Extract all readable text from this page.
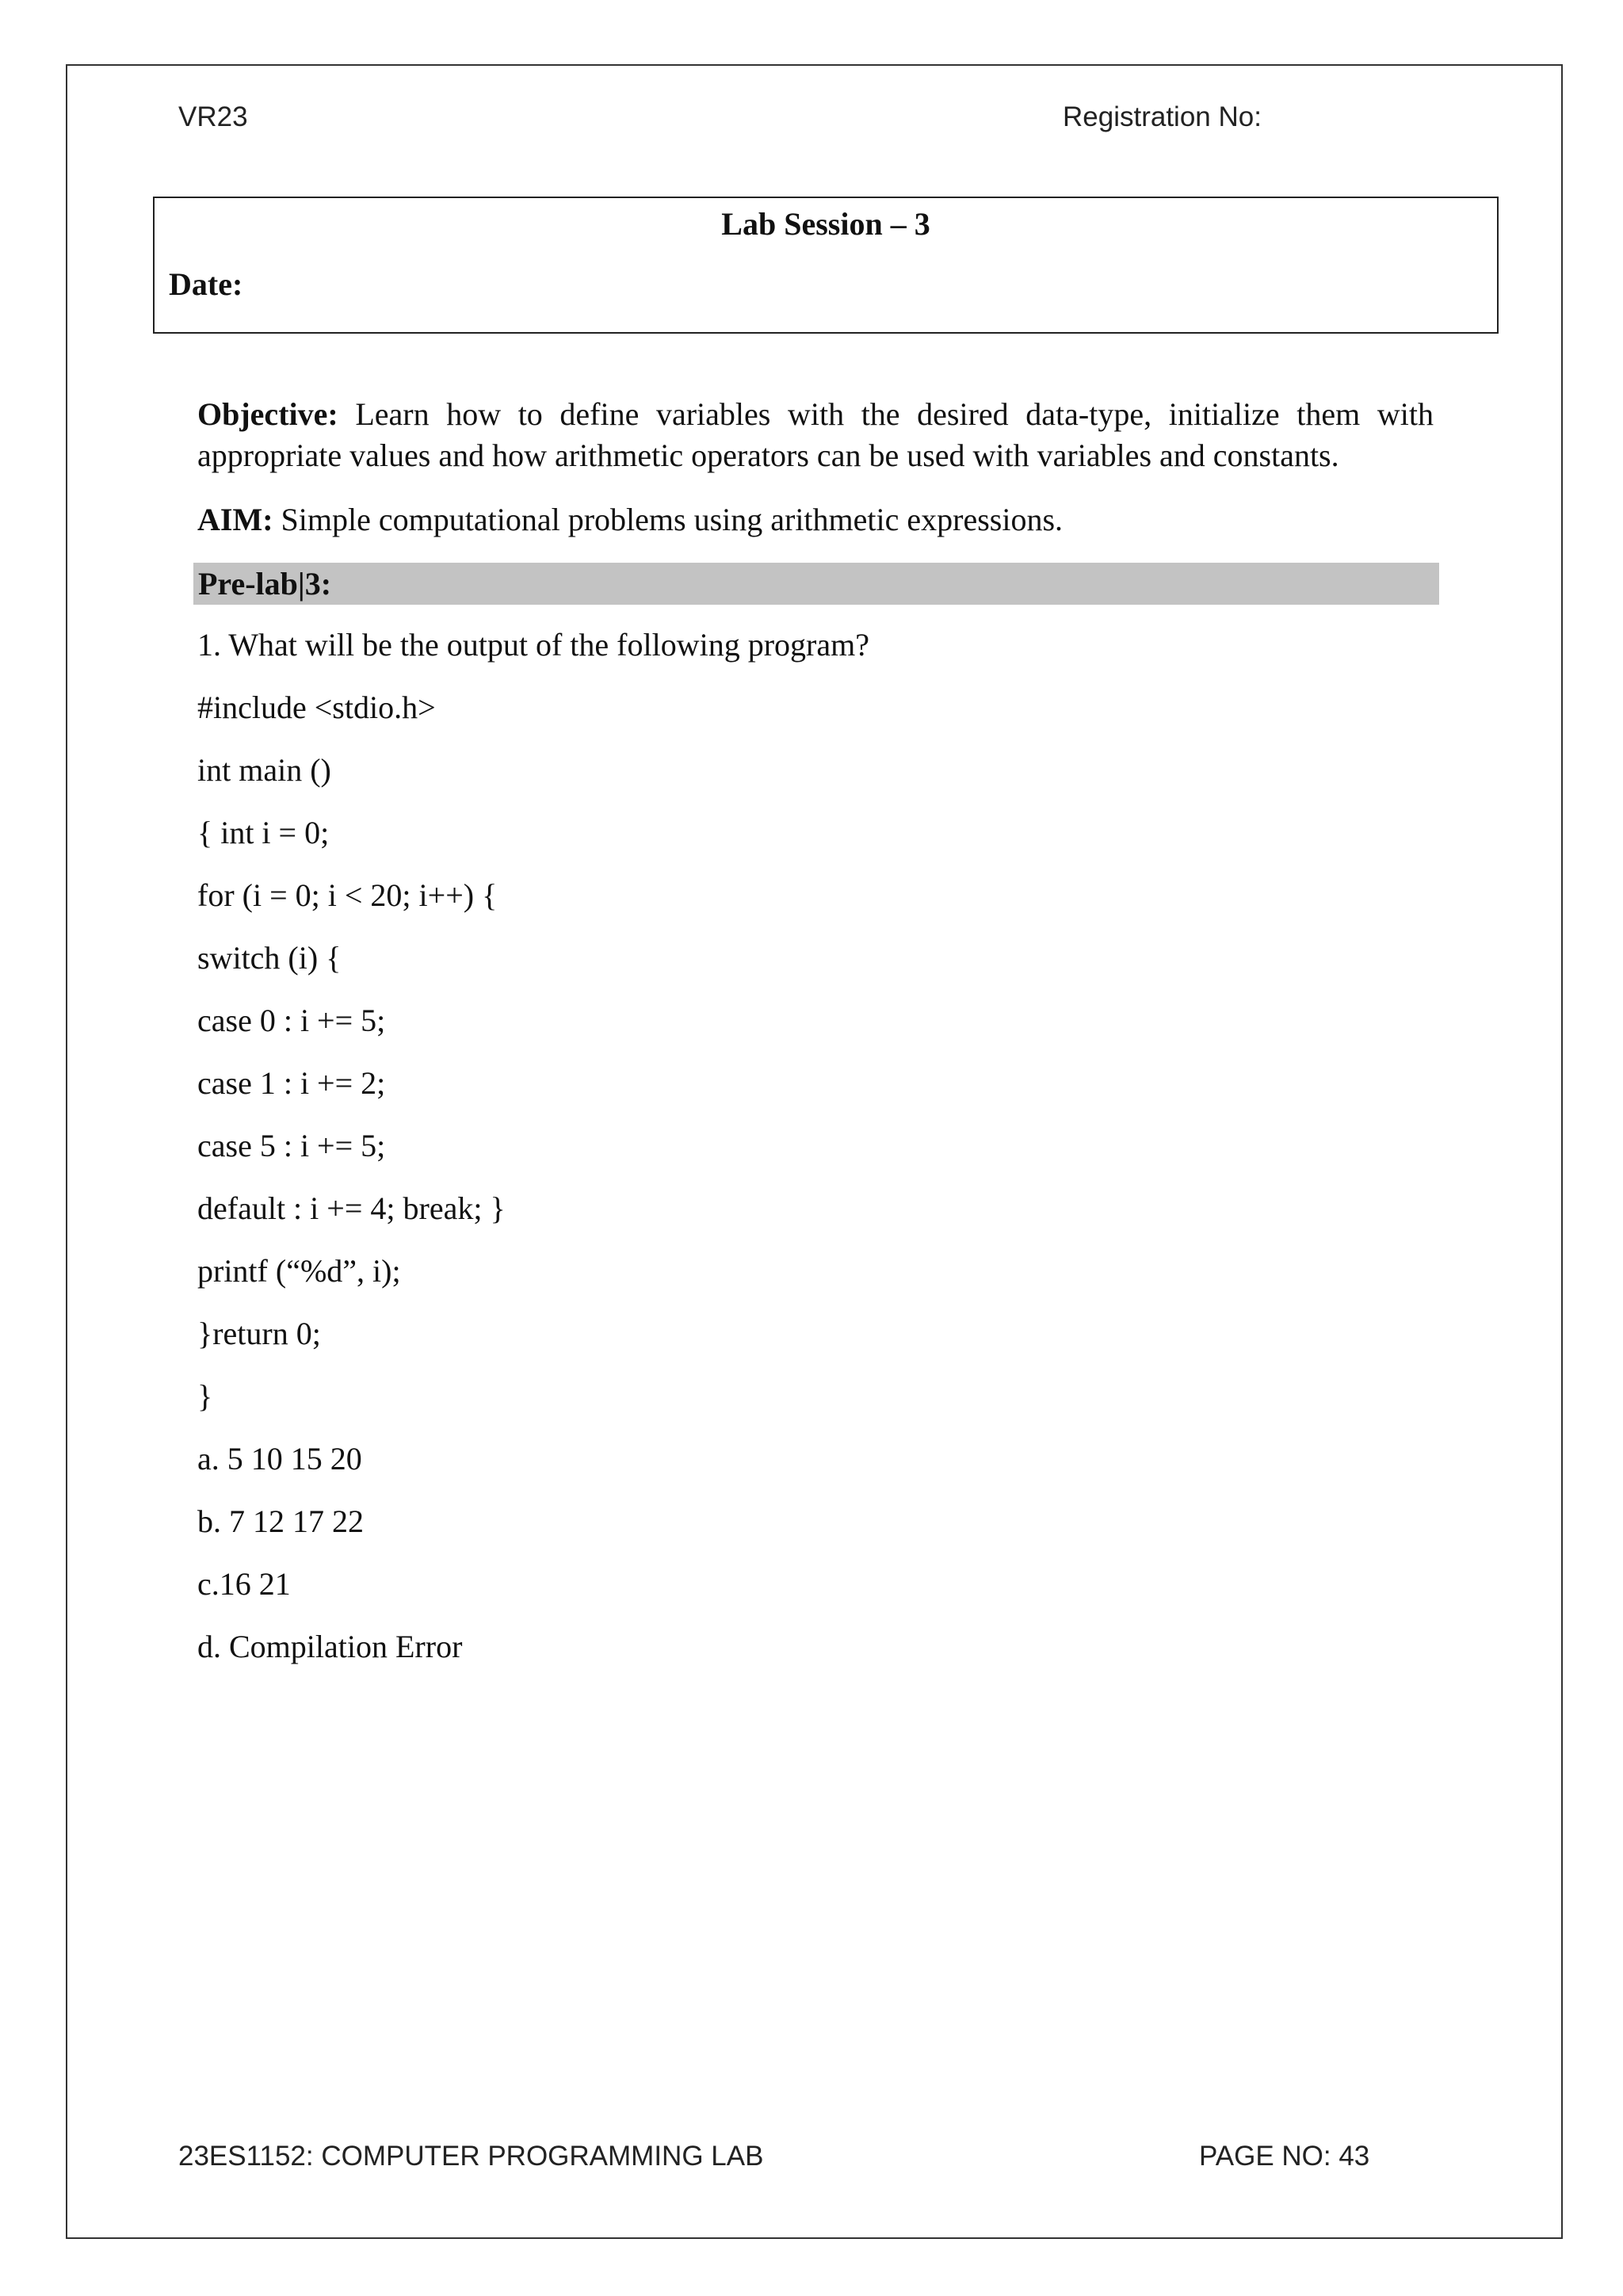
VR23	Registration No:
Lab Session – 3
Date:
Objective: Learn how to define variables with the desired data-type, initialize them with appropriate values and how arithmetic operators can be used with variables and constants.
AIM: Simple computational problems using arithmetic expressions.
Pre-lab|3:
1. What will be the output of the following program?
#include <stdio.h>
int main ()
{ int i = 0;
for (i = 0; i < 20; i++) {
switch (i) {
case 0 : i += 5;
case 1 : i += 2;
case 5 : i += 5;
default : i += 4; break; }
printf (“%d”, i);
}return 0;
}
a. 5 10 15 20
b. 7 12 17 22
c.16 21
d. Compilation Error
23ES1152: COMPUTER PROGRAMMING LAB	PAGE NO: 43
